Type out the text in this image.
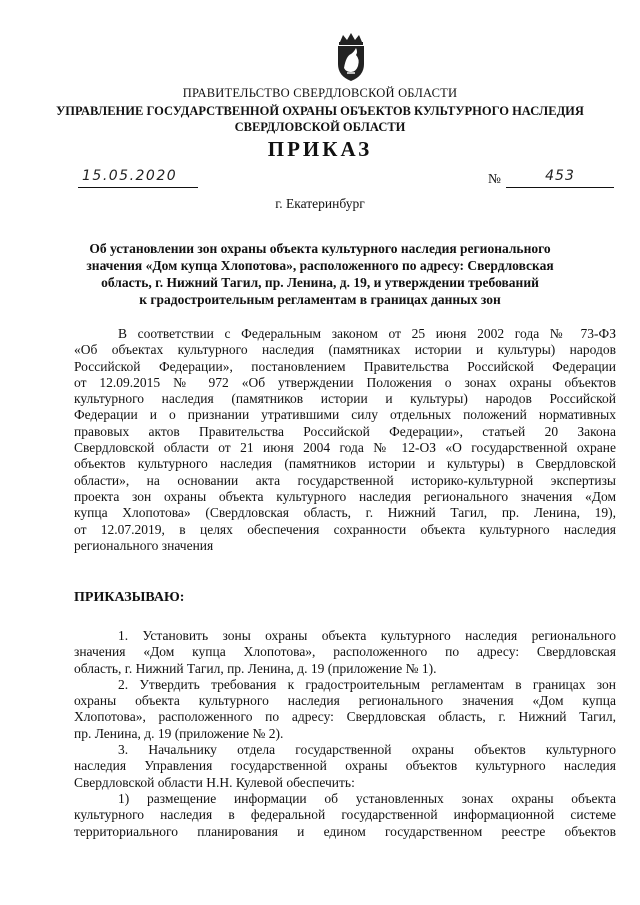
ПРАВИТЕЛЬСТВО СВЕРДЛОВСКОЙ ОБЛАСТИ
УПРАВЛЕНИЕ ГОСУДАРСТВЕННОЙ ОХРАНЫ ОБЪЕКТОВ КУЛЬТУРНОГО НАСЛЕДИЯ
СВЕРДЛОВСКОЙ ОБЛАСТИ
ПРИКАЗ
15.05.2020	№	453
г. Екатеринбург
Об установлении зон охраны объекта культурного наследия регионального
значения «Дом купца Хлопотова», расположенного по адресу: Свердловская
область, г. Нижний Тагил, пр. Ленина, д. 19, и утверждении требований
к градостроительным регламентам в границах данных зон
В соответствии с Федеральным законом от 25 июня 2002 года № 73-ФЗ
«Об объектах культурного наследия (памятниках истории и культуры) народов
Российской Федерации», постановлением Правительства Российской Федерации
от 12.09.2015 № 972 «Об утверждении Положения о зонах охраны объектов
культурного наследия (памятников истории и культуры) народов Российской
Федерации и о признании утратившими силу отдельных положений нормативных
правовых актов Правительства Российской Федерации», статьей 20 Закона
Свердловской области от 21 июня 2004 года № 12-ОЗ «О государственной охране
объектов культурного наследия (памятников истории и культуры) в Свердловской
области», на основании акта государственной историко-культурной экспертизы
проекта зон охраны объекта культурного наследия регионального значения «Дом
купца Хлопотова» (Свердловская область, г. Нижний Тагил, пр. Ленина, 19),
от 12.07.2019, в целях обеспечения сохранности объекта культурного наследия
регионального значения
ПРИКАЗЫВАЮ:
1. Установить зоны охраны объекта культурного наследия регионального
значения «Дом купца Хлопотова», расположенного по адресу: Свердловская
область, г. Нижний Тагил, пр. Ленина, д. 19 (приложение № 1).
2. Утвердить требования к градостроительным регламентам в границах зон
охраны объекта культурного наследия регионального значения «Дом купца
Хлопотова», расположенного по адресу: Свердловская область, г. Нижний Тагил,
пр. Ленина, д. 19 (приложение № 2).
3. Начальнику отдела государственной охраны объектов культурного
наследия Управления государственной охраны объектов культурного наследия
Свердловской области Н.Н. Кулевой обеспечить:
1) размещение информации об установленных зонах охраны объекта
культурного наследия в федеральной государственной информационной системе
территориального планирования и едином государственном реестре объектов
